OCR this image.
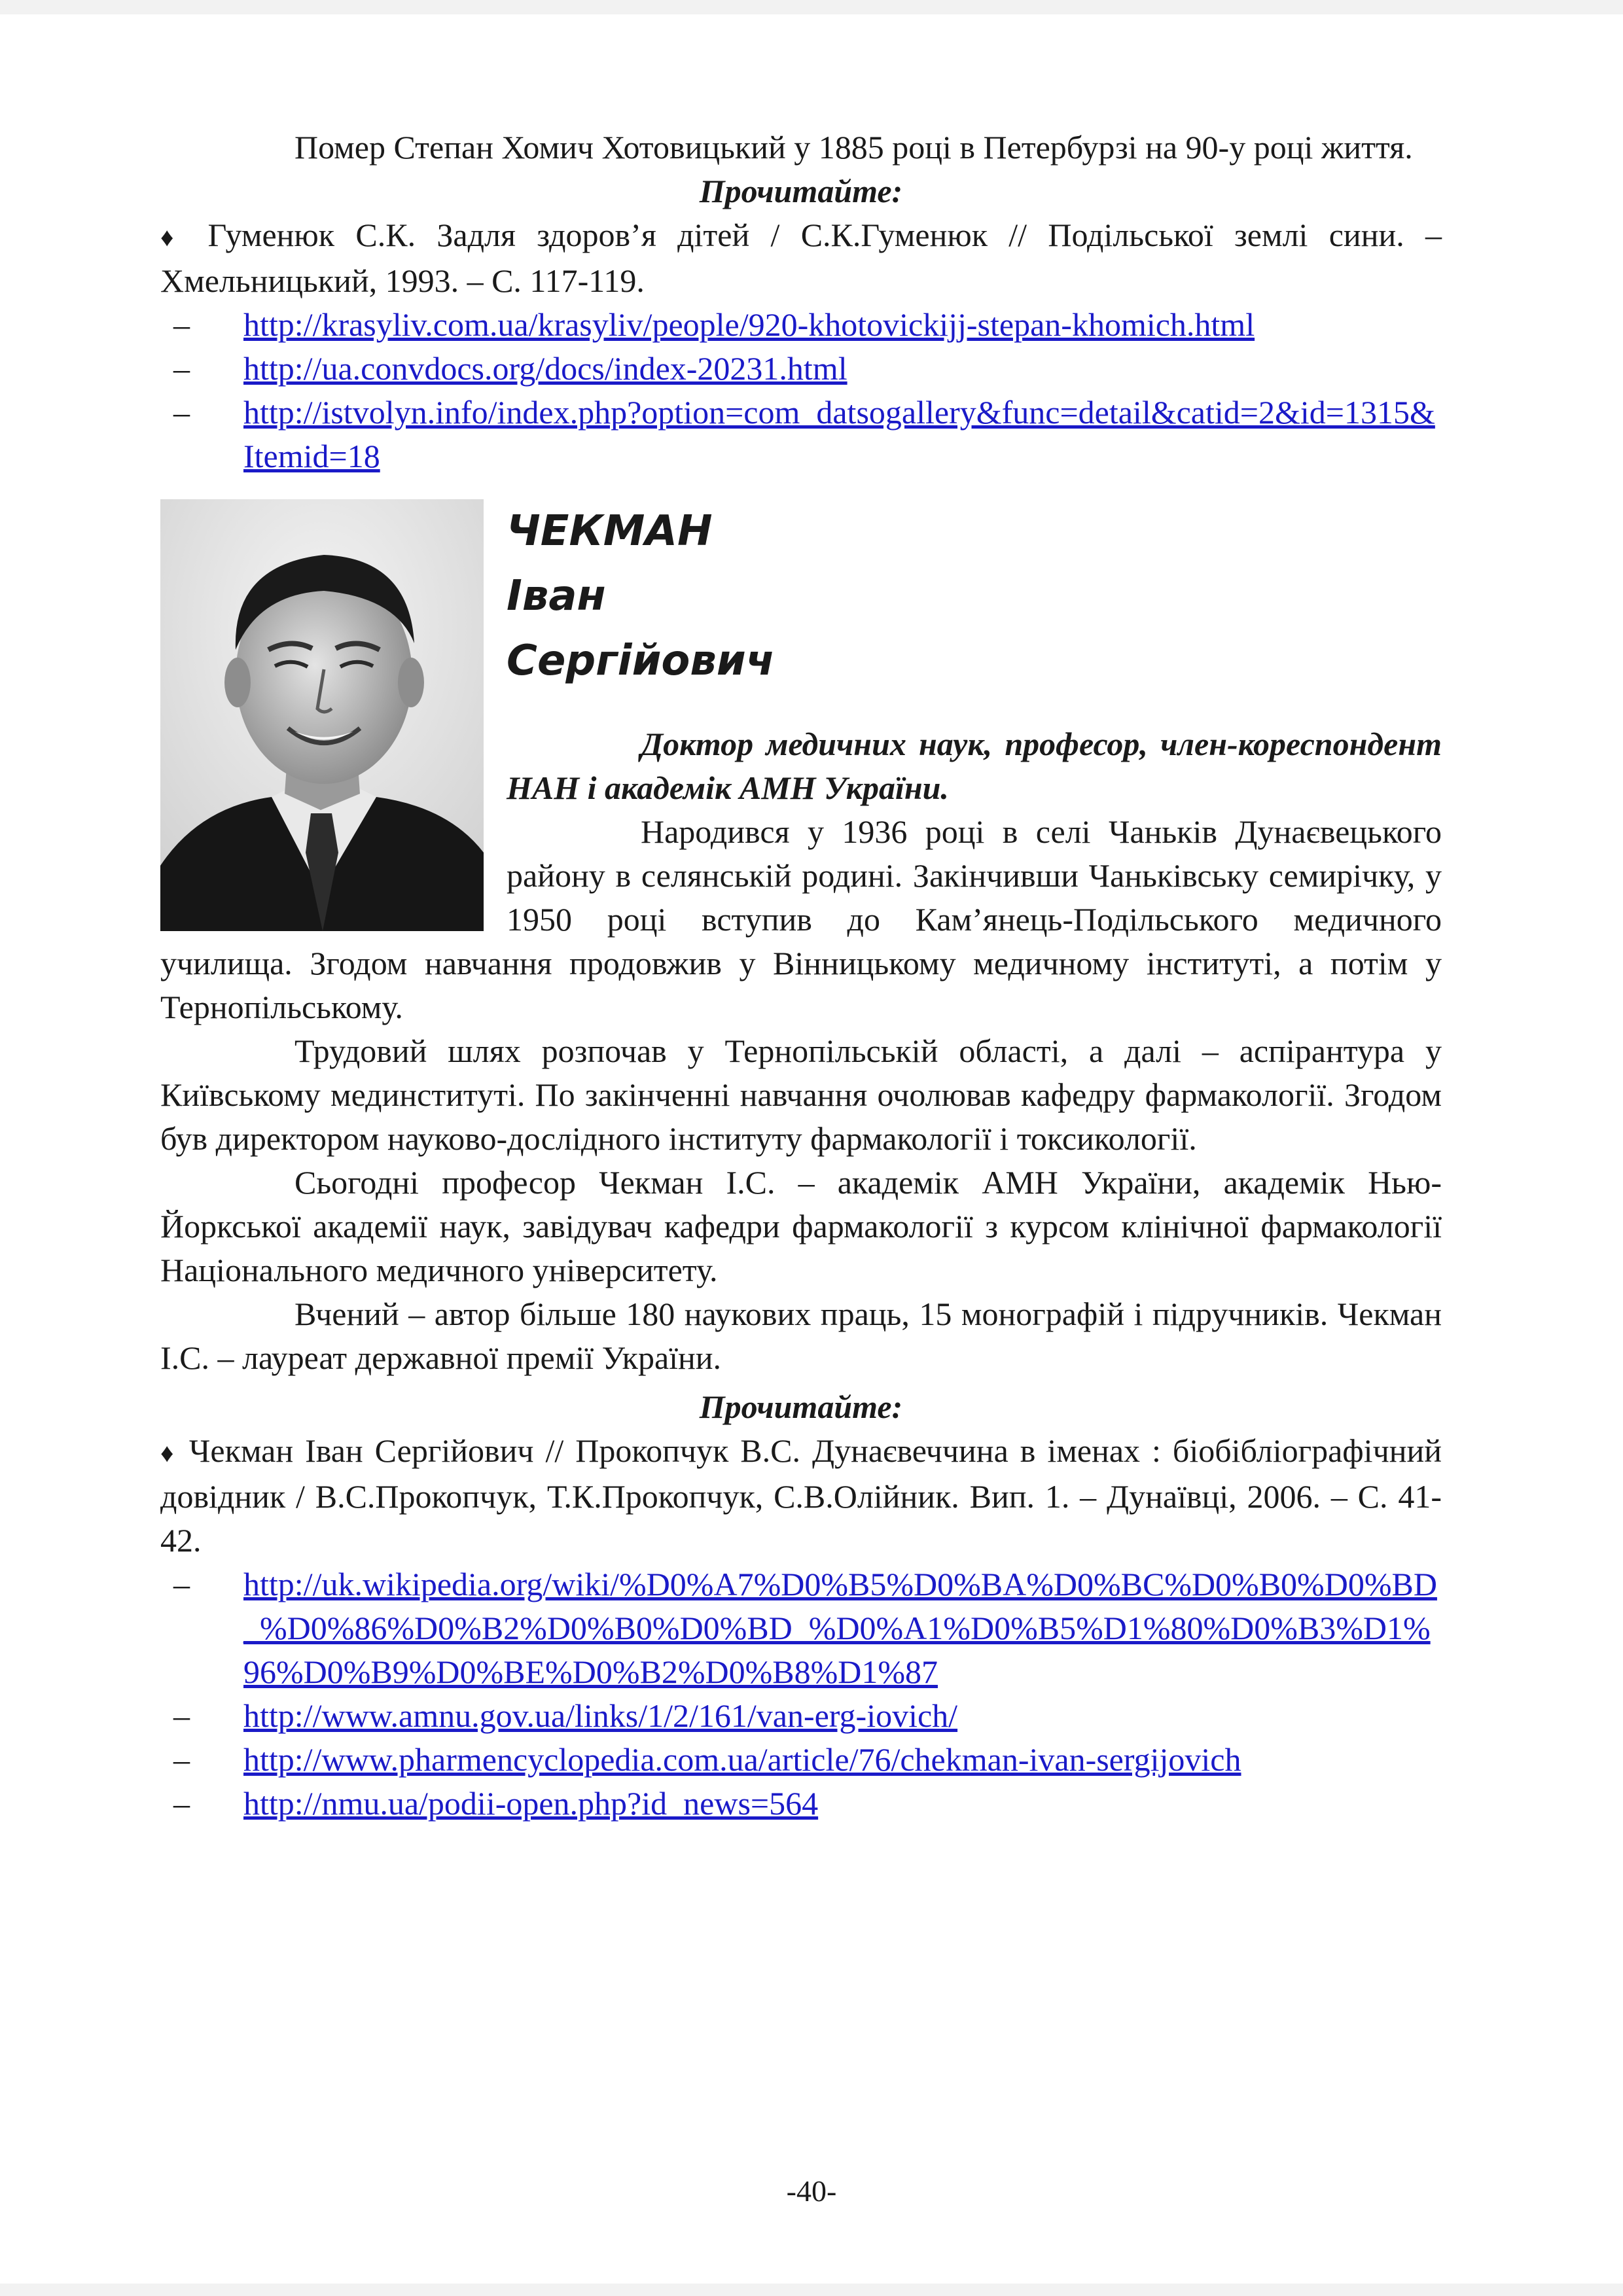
Помер Степан Хомич Хотовицький у 1885 році в Петербурзі на 90-у році життя.

Прочитайте:

♦ Гуменюк С.К. Задля здоров’я дітей / С.К.Гуменюк // Подільської землі сини. – Хмельницький, 1993. – С. 117-119.

– http://krasyliv.com.ua/krasyliv/people/920-khotovickijj-stepan-khomich.html
– http://ua.convdocs.org/docs/index-20231.html
– http://istvolyn.info/index.php?option=com_datsogallery&func=detail&catid=2&id=1315&Itemid=18
ЧЕКМАН
Іван
Сергійович

Доктор медичних наук, професор, член-кореспондент НАН і академік АМН України.

Народився у 1936 році в селі Чаньків Дунаєвецького району в селянській родині. Закінчивши Чаньківську семирічку, у 1950 році вступив до Кам’янець-Подільського медичного училища. Згодом навчання продовжив у Вінницькому медичному інституті, а потім у Тернопільському.

Трудовий шлях розпочав у Тернопільській області, а далі – аспірантура у Київському мединституті. По закінченні навчання очолював кафедру фармакології. Згодом був директором науково-дослідного інституту фармакології і токсикології.

Сьогодні професор Чекман І.С. – академік АМН України, академік Нью-Йоркської академії наук, завідувач кафедри фармакології з курсом клінічної фармакології Національного медичного університету.

Вчений – автор більше 180 наукових праць, 15 монографій і підручників. Чекман І.С. – лауреат державної премії України.

Прочитайте:

♦ Чекман Іван Сергійович // Прокопчук В.С. Дунаєвеччина в іменах : біобібліографічний довідник / В.С.Прокопчук, Т.К.Прокопчук, С.В.Олійник. Вип. 1. – Дунаївці, 2006. – С. 41-42.

– http://uk.wikipedia.org/wiki/%D0%A7%D0%B5%D0%BA%D0%BC%D0%B0%D0%BD_%D0%86%D0%B2%D0%B0%D0%BD_%D0%A1%D0%B5%D1%80%D0%B3%D1%96%D0%B9%D0%BE%D0%B2%D0%B8%D1%87
– http://www.amnu.gov.ua/links/1/2/161/van-erg-iovich/
– http://www.pharmencyclopedia.com.ua/article/76/chekman-ivan-sergijovich
– http://nmu.ua/podii-open.php?id_news=564
-40-
